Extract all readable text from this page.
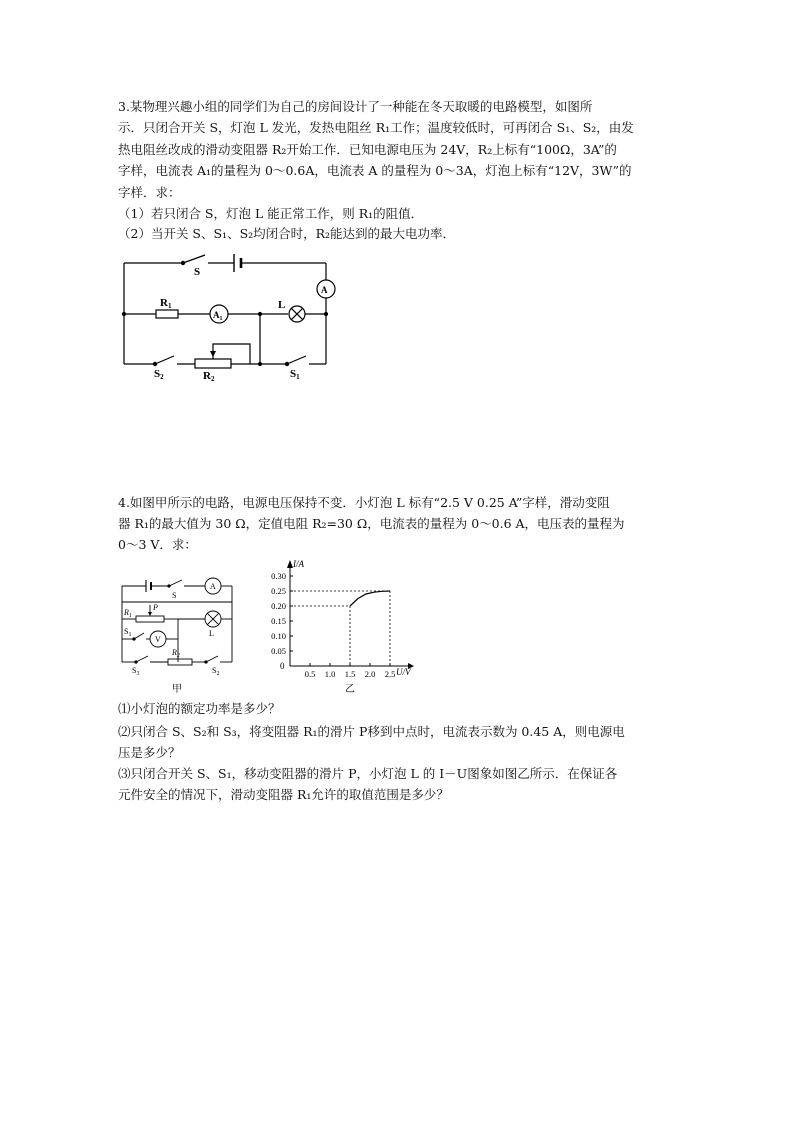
3.某物理兴趣小组的同学们为自己的房间设计了一种能在冬天取暖的电路模型，如图所
示．只闭合开关 S，灯泡 L 发光，发热电阻丝 R₁工作；温度较低时，可再闭合 S₁、S₂，由发
热电阻丝改成的滑动变阻器 R₂开始工作．已知电源电压为 24V，R₂上标有“100Ω，3A”的
字样，电流表 A₁的量程为 0～0.6A，电流表 A 的量程为 0～3A，灯泡上标有“12V，3W”的
字样．求：
（1）若只闭合 S，灯泡 L 能正常工作，则 R₁的阻值．
（2）当开关 S、S₁、S₂均闭合时，R₂能达到的最大电功率．
S
A
R1
$A_1$
L
S2	R2	S1
4.如图甲所示的电路，电源电压保持不变．小灯泡 L 标有“2.5 V 0.25 A”字样，滑动变阻
器 R₁的最大值为 30 Ω，定值电阻 R₂=30 Ω，电流表的量程为 0～0.6 A，电压表的量程为
0～3 V．求：
S
A
P
$R_1$
$S_1$	V
L
$S_3$
$R_2$
$S_2$
甲
0.5 1.0 1.5 2.0 2.5
0.05
0.10
0.15
0.20
0.25
0.30
I/A
U/V
0
乙
⑴小灯泡的额定功率是多少？
⑵只闭合 S、S₂和 S₃，将变阻器 R₁的滑片 P移到中点时，电流表示数为 0.45 A，则电源电
压是多少？
⑶只闭合开关 S、S₁，移动变阻器的滑片 P，小灯泡 L 的 I－U图象如图乙所示．在保证各
元件安全的情况下，滑动变阻器 R₁允许的取值范围是多少？
